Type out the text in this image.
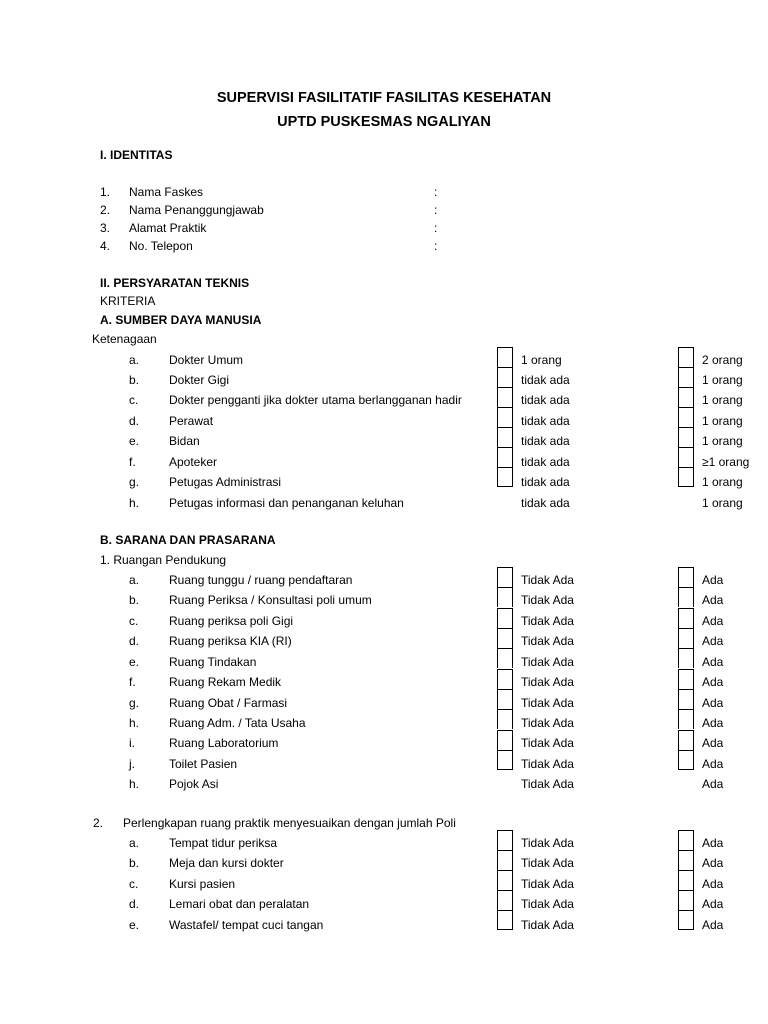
SUPERVISI FASILITATIF FASILITAS KESEHATAN
UPTD PUSKESMAS NGALIYAN
I. IDENTITAS
1. Nama Faskes	:
2. Nama Penanggungjawab	:
3. Alamat Praktik	:
4. No. Telepon	:
II. PERSYARATAN TEKNIS
KRITERIA
A. SUMBER DAYA MANUSIA
Ketenagaan
a. Dokter Umum	1 orang	2 orang
b. Dokter Gigi	tidak ada	1 orang
c.	Dokter pengganti jika dokter utama berlangganan hadir	tidak ada	1 orang
d. Perawat	tidak ada	1 orang
e. Bidan	tidak ada	1 orang
f.	Apoteker	tidak ada	≥1 orang
g. Petugas Administrasi	tidak ada	1 orang
h. Petugas informasi dan penanganan keluhan	tidak ada	1 orang
B. SARANA DAN PRASARANA
1. Ruangan Pendukung
a. Ruang tunggu / ruang pendaftaran	Tidak Ada	Ada
b. Ruang Periksa / Konsultasi poli umum	Tidak Ada	Ada
c.	Ruang periksa poli Gigi	Tidak Ada	Ada
d. Ruang periksa KIA (RI)	Tidak Ada	Ada
e. Ruang Tindakan	Tidak Ada	Ada
f.	Ruang Rekam Medik	Tidak Ada	Ada
g. Ruang Obat / Farmasi	Tidak Ada	Ada
h. Ruang Adm. / Tata Usaha	Tidak Ada	Ada
i.	Ruang Laboratorium	Tidak Ada	Ada
j.	Toilet Pasien	Tidak Ada	Ada
h. Pojok Asi	Tidak Ada	Ada
2. Perlengkapan ruang praktik menyesuaikan dengan jumlah Poli
a. Tempat tidur periksa	Tidak Ada	Ada
b. Meja dan kursi dokter	Tidak Ada	Ada
c.	Kursi pasien	Tidak Ada	Ada
d. Lemari obat dan peralatan	Tidak Ada	Ada
e. Wastafel/ tempat cuci tangan	Tidak Ada	Ada
